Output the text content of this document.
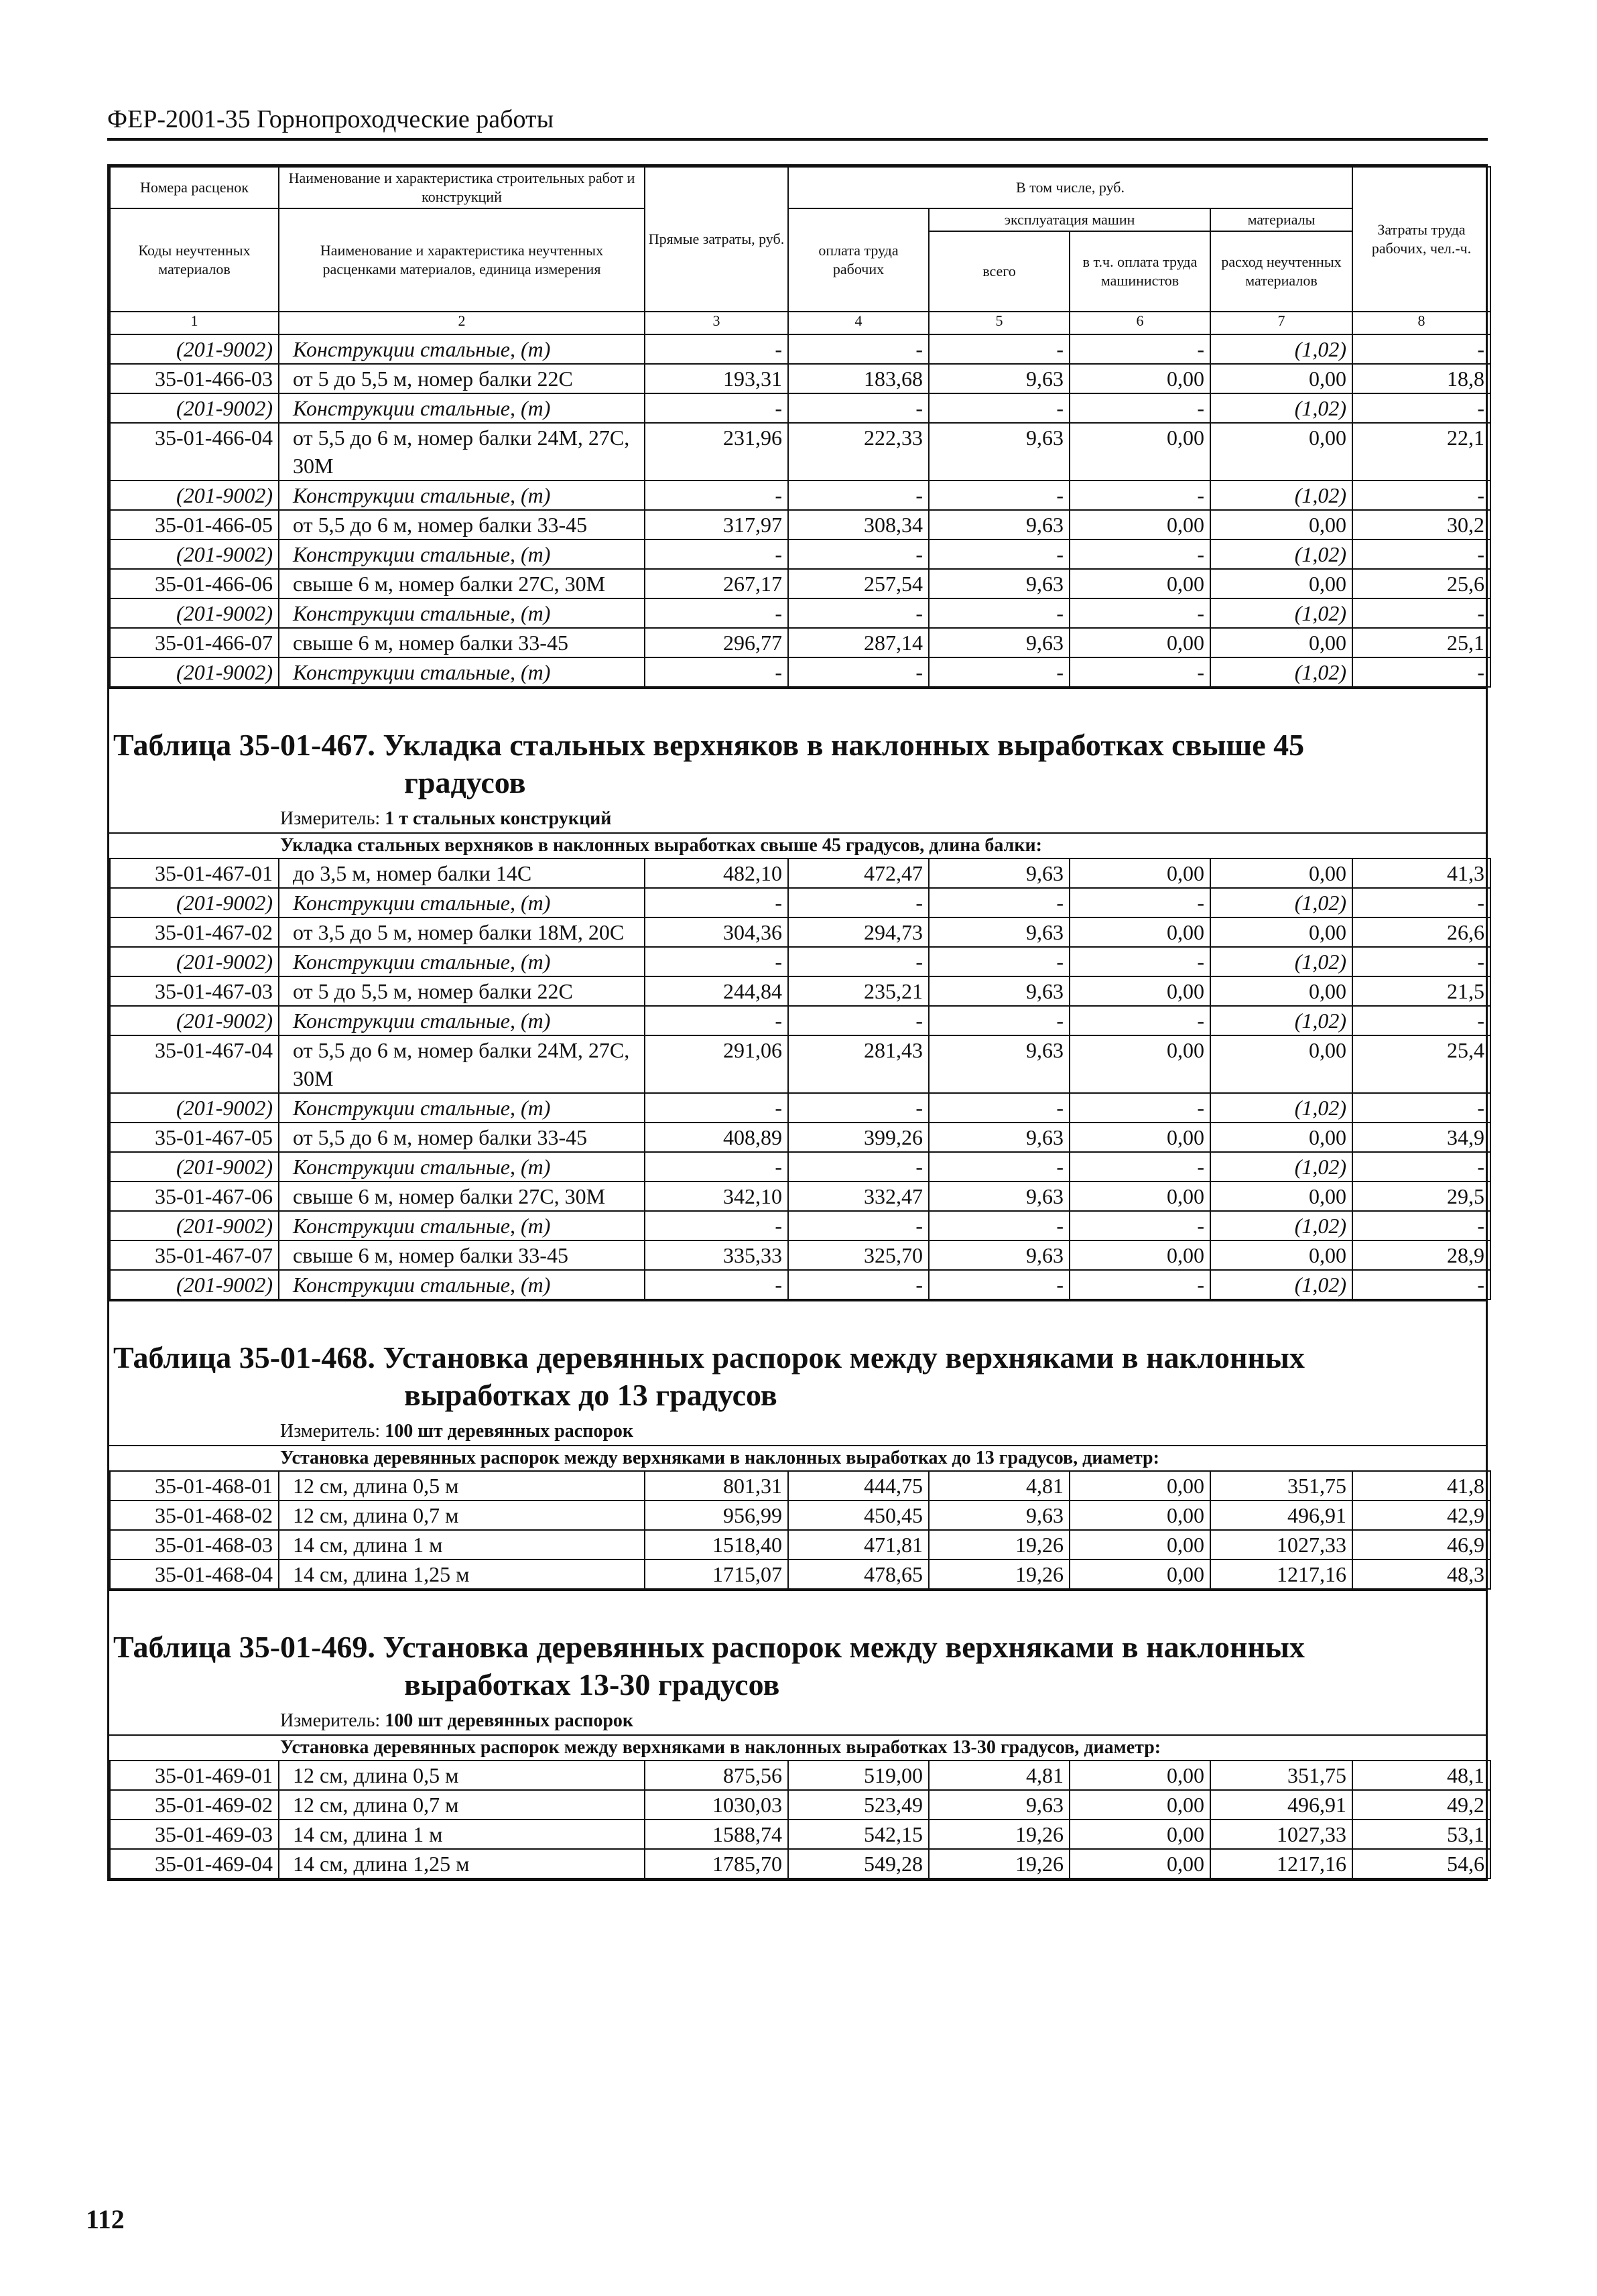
ФЕР-2001-35 Горнопроходческие работы
Номера расценок	Наименование и характеристика строительных работ и конструкций	Прямые затраты, руб.	В том числе, руб.				Затраты труда рабочих, чел.-ч.
Коды неучтенных материалов	Наименование и характеристика неучтенных расценками материалов, единица измерения		оплата труда рабочих	эксплуатация машин		материалы	
				всего	в т.ч. оплата труда машинистов	расход неучтенных материалов	
1	2	3	4	5	6	7	8
(201-9002)	Конструкции стальные, (т)	-	-	-	-	(1,02)	-
35-01-466-03	от 5 до 5,5 м, номер балки 22С	193,31	183,68	9,63	0,00	0,00	18,8
(201-9002)	Конструкции стальные, (т)	-	-	-	-	(1,02)	-
35-01-466-04	от 5,5 до 6 м, номер балки 24М, 27С, 30М	231,96	222,33	9,63	0,00	0,00	22,1
(201-9002)	Конструкции стальные, (т)	-	-	-	-	(1,02)	-
35-01-466-05	от 5,5 до 6 м, номер балки 33-45	317,97	308,34	9,63	0,00	0,00	30,2
(201-9002)	Конструкции стальные, (т)	-	-	-	-	(1,02)	-
35-01-466-06	свыше 6 м, номер балки 27С, 30М	267,17	257,54	9,63	0,00	0,00	25,6
(201-9002)	Конструкции стальные, (т)	-	-	-	-	(1,02)	-
35-01-466-07	свыше 6 м, номер балки 33-45	296,77	287,14	9,63	0,00	0,00	25,1
(201-9002)	Конструкции стальные, (т)	-	-	-	-	(1,02)	-
Таблица 35-01-467. Укладка стальных верхняков в наклонных выработках свыше 45
градусов
Измеритель: 1 т стальных конструкций
Укладка стальных верхняков в наклонных выработках свыше 45 градусов, длина балки:
35-01-467-01	до 3,5 м, номер балки 14С	482,10	472,47	9,63	0,00	0,00	41,3
(201-9002)	Конструкции стальные, (т)	-	-	-	-	(1,02)	-
35-01-467-02	от 3,5 до 5 м, номер балки 18М, 20С	304,36	294,73	9,63	0,00	0,00	26,6
(201-9002)	Конструкции стальные, (т)	-	-	-	-	(1,02)	-
35-01-467-03	от 5 до 5,5 м, номер балки 22С	244,84	235,21	9,63	0,00	0,00	21,5
(201-9002)	Конструкции стальные, (т)	-	-	-	-	(1,02)	-
35-01-467-04	от 5,5 до 6 м, номер балки 24М, 27С, 30М	291,06	281,43	9,63	0,00	0,00	25,4
(201-9002)	Конструкции стальные, (т)	-	-	-	-	(1,02)	-
35-01-467-05	от 5,5 до 6 м, номер балки 33-45	408,89	399,26	9,63	0,00	0,00	34,9
(201-9002)	Конструкции стальные, (т)	-	-	-	-	(1,02)	-
35-01-467-06	свыше 6 м, номер балки 27С, 30М	342,10	332,47	9,63	0,00	0,00	29,5
(201-9002)	Конструкции стальные, (т)	-	-	-	-	(1,02)	-
35-01-467-07	свыше 6 м, номер балки 33-45	335,33	325,70	9,63	0,00	0,00	28,9
(201-9002)	Конструкции стальные, (т)	-	-	-	-	(1,02)	-
Таблица 35-01-468. Установка деревянных распорок между верхняками в наклонных
выработках до 13 градусов
Измеритель: 100 шт деревянных распорок
Установка деревянных распорок между верхняками в наклонных выработках до 13 градусов, диаметр:
35-01-468-01	12 см, длина 0,5 м	801,31	444,75	4,81	0,00	351,75	41,8
35-01-468-02	12 см, длина 0,7 м	956,99	450,45	9,63	0,00	496,91	42,9
35-01-468-03	14 см, длина 1 м	1518,40	471,81	19,26	0,00	1027,33	46,9
35-01-468-04	14 см, длина 1,25 м	1715,07	478,65	19,26	0,00	1217,16	48,3
Таблица 35-01-469. Установка деревянных распорок между верхняками в наклонных
выработках 13-30 градусов
Измеритель: 100 шт деревянных распорок
Установка деревянных распорок между верхняками в наклонных выработках 13-30 градусов, диаметр:
35-01-469-01	12 см, длина 0,5 м	875,56	519,00	4,81	0,00	351,75	48,1
35-01-469-02	12 см, длина 0,7 м	1030,03	523,49	9,63	0,00	496,91	49,2
35-01-469-03	14 см, длина 1 м	1588,74	542,15	19,26	0,00	1027,33	53,1
35-01-469-04	14 см, длина 1,25 м	1785,70	549,28	19,26	0,00	1217,16	54,6
112
